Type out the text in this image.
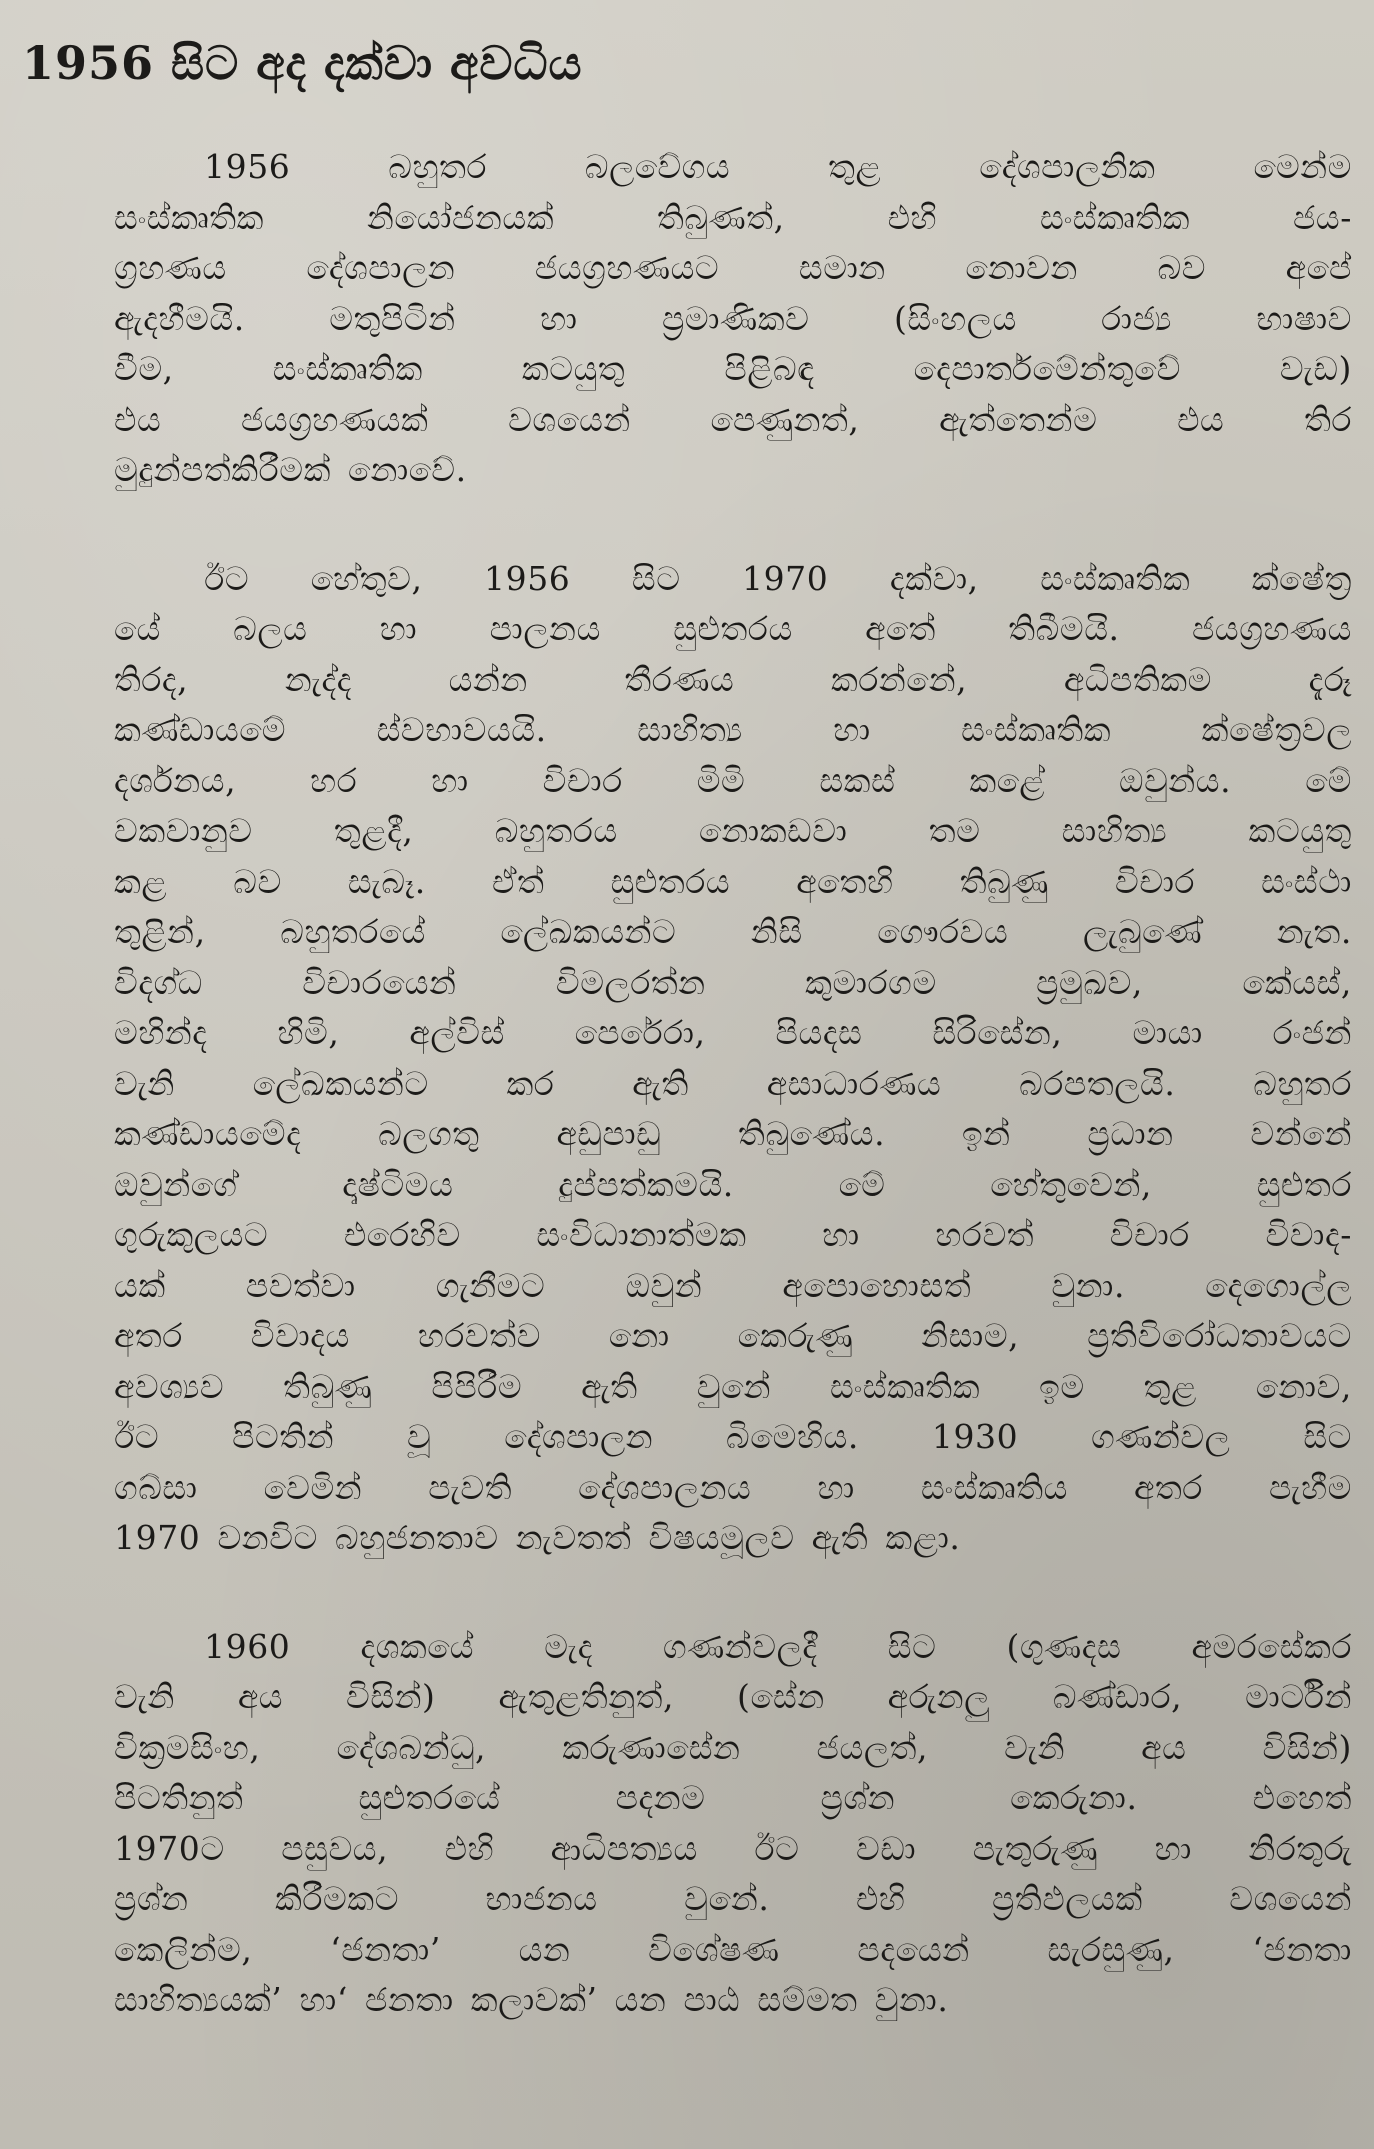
1956 සිට අද දක්වා අවධිය
1956 බහුතර බලවේගය තුළ දේශපාලනික මෙන්ම
සංස්කෘතික නියෝජනයක් තිබුණත්, එහි සංස්කෘතික ජය-
ග්‍රහණය දේශපාලන ජයග්‍රහණයට සමාන නොවන බව අපේ
ඇදහීමයි. මතුපිටින් හා ප්‍රමාණිකව (සිංහලය රාජ්‍ය භාෂාව
වීම, සංස්කෘතික කටයුතු පිළිබඳ දෙපාර්තමේන්තුවේ වැඩ)
එය ජයග්‍රහණයක් වශයෙන් පෙණුනත්, ඇත්තෙන්ම එය තිර
මුදුන්පත්කිරීමක් නොවේ.
ඊට හේතුව, 1956 සිට 1970 දක්වා, සංස්කෘතික ක්ෂේත්‍ර
යේ බලය හා පාලනය සුළුතරය අතේ තිබීමයි. ජයග්‍රහණය
තිරද, නැද්ද යන්න තීරණය කරන්නේ, අධිපතිකම දැරූ
කණ්ඩායමේ ස්වභාවයයි. සාහිත්‍ය හා සංස්කෘතික ක්ෂේත්‍රවල
දර්ශනය, හර හා විචාර මිමි සකස් කළේ ඔවුන්ය. මේ
වකවානුව තුළදී, බහුතරය නොකඩවා තම සාහිත්‍ය කටයුතු
කළ බව සැබෑ. ඒත් සුළුතරය අතෙහි තිබුණු විචාර සංස්ථා
තුළින්, බහුතරයේ ලේඛකයන්ට නිසි ගෞරවය ලැබුණේ නැත.
විදග්ධ විචාරයෙන් විමලරත්න කුමාරගම ප්‍රමුඛව, කේයස්,
මහින්ද හිමි, අල්විස් පෙරේරා, පියදස සිරිසේන, මායා රංජන්
වැනි ලේඛකයන්ට කර ඇති අසාධාරණය බරපතලයි. බහුතර
කණ්ඩායමේද බලගතු අඩුපාඩු තිබුණේය. ඉන් ප්‍රධාන වන්නේ
ඔවුන්ගේ දෘෂ්ටිමය දුප්පත්කමයි. මේ හේතුවෙන්, සුළුතර
ගුරුකුලයට එරෙහිව සංවිධානාත්මක හා හරවත් විචාර විවාද-
යක් පවත්වා ගැනීමට ඔවුන් අපොහොසත් වුනා. දෙගොල්ල
අතර විවාදය හරවත්ව නො කෙරුණු නිසාම, ප්‍රතිවිරෝධතාවයට
අවශ්‍යව තිබුණු පිපිරීම ඇති වුනේ සංස්කෘතික ඉම තුළ නොව,
ඊට පිටතින් වූ දේශපාලන බිමෙහිය. 1930 ගණන්වල සිට
ගබ්සා වෙමින් පැවති දේශපාලනය හා සංස්කෘතිය අතර පැහීම
1970 වනවිට බහුජනතාව නැවතත් විෂයමූලව ඇති කළා.
1960 දශකයේ මැද ගණන්වලදී සිට (ගුණදස අමරසේකර
වැනි අය විසින්) ඇතුළතිනුත්, (සේන අරුනලු බණ්ඩාර, මාර්ටින්
වික්‍රමසිංහ, දේශබන්ධු, කරුණාසේන ජයලත්, වැනි අය විසින්)
පිටතිනුත් සුළුතරයේ පදනම ප්‍රශ්න කෙරුනා. එහෙත්
1970ට පසුවය, එහි ආධිපත්‍යය ඊට වඩා පැතුරුණු හා නිරතුරු
ප්‍රශ්න කිරීමකට භාජනය වුනේ. එහි ප්‍රතිඵලයක් වශයෙන්
කෙලින්ම, ‘ජනතා’ යන විශේෂණ පදයෙන් සැරසුණු, ‘ජනතා
සාහිත්‍යයක්’ හා‘ ජනතා කලාවක්’ යන පාඨ සම්මත වුනා.
